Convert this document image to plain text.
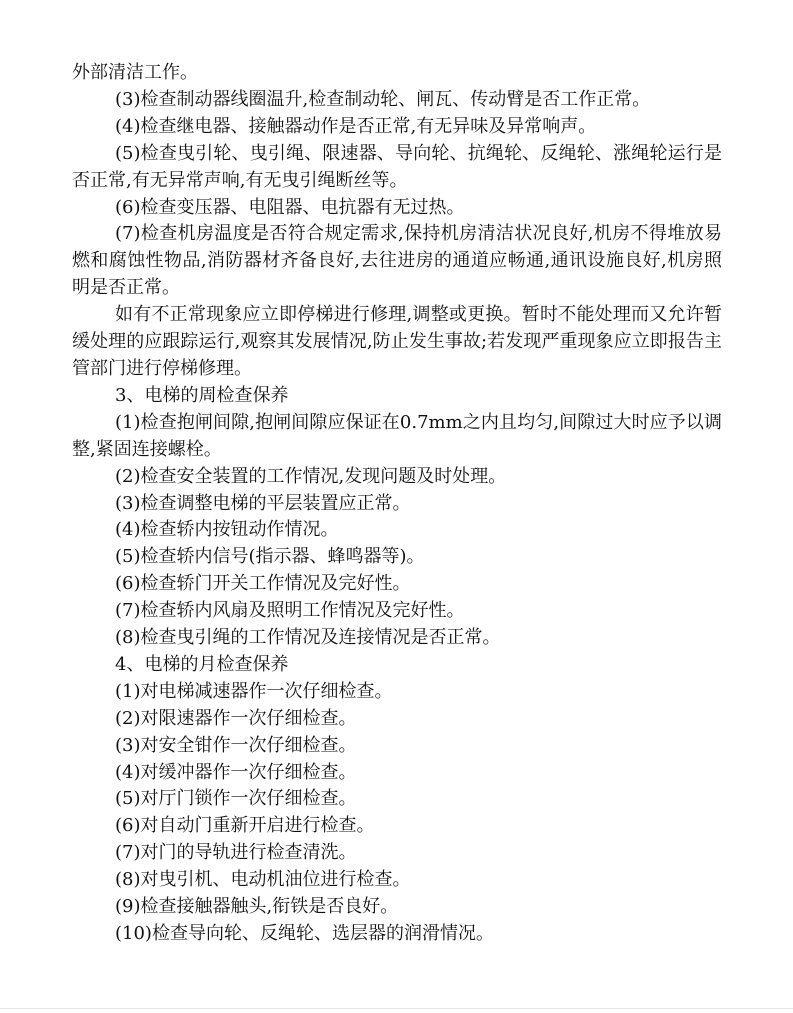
外部清洁工作。

(3)检查制动器线圈温升,检查制动轮、闸瓦、传动臂是否工作正常。

(4)检查继电器、接触器动作是否正常,有无异味及异常响声。

(5)检查曳引轮、曳引绳、限速器、导向轮、抗绳轮、反绳轮、涨绳轮运行是否正常,有无异常声响,有无曳引绳断丝等。

(6)检查变压器、电阻器、电抗器有无过热。

(7)检查机房温度是否符合规定需求,保持机房清洁状况良好,机房不得堆放易燃和腐蚀性物品,消防器材齐备良好,去往进房的通道应畅通,通讯设施良好,机房照明是否正常。

如有不正常现象应立即停梯进行修理,调整或更换。暂时不能处理而又允许暂缓处理的应跟踪运行,观察其发展情况,防止发生事故;若发现严重现象应立即报告主管部门进行停梯修理。

3、电梯的周检查保养

(1)检查抱闸间隙,抱闸间隙应保证在0.7mm之内且均匀,间隙过大时应予以调整,紧固连接螺栓。

(2)检查安全装置的工作情况,发现问题及时处理。

(3)检查调整电梯的平层装置应正常。

(4)检查轿内按钮动作情况。

(5)检查轿内信号(指示器、蜂鸣器等)。

(6)检查轿门开关工作情况及完好性。

(7)检查轿内风扇及照明工作情况及完好性。

(8)检查曳引绳的工作情况及连接情况是否正常。

4、电梯的月检查保养

(1)对电梯减速器作一次仔细检查。

(2)对限速器作一次仔细检查。

(3)对安全钳作一次仔细检查。

(4)对缓冲器作一次仔细检查。

(5)对厅门锁作一次仔细检查。

(6)对自动门重新开启进行检查。

(7)对门的导轨进行检查清洗。

(8)对曳引机、电动机油位进行检查。

(9)检查接触器触头,衔铁是否良好。

(10)检查导向轮、反绳轮、选层器的润滑情况。
